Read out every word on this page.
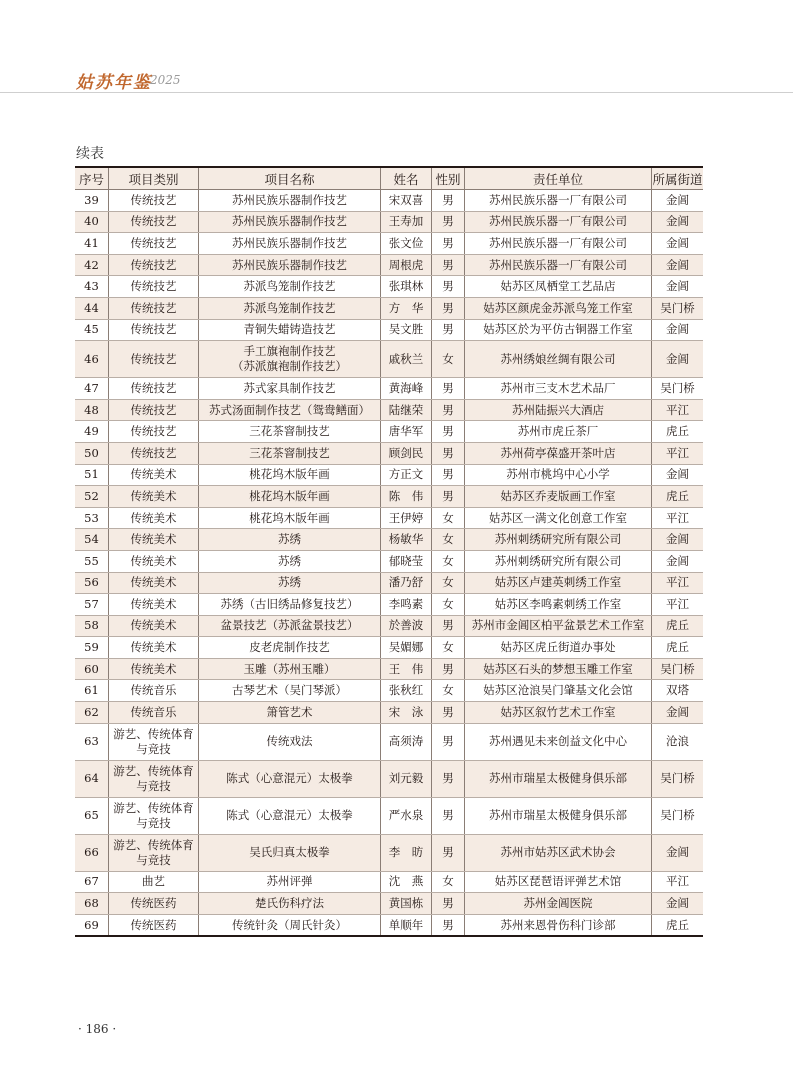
姑苏年鉴
2025
续表
序号	项目类别	项目名称	姓名	性别	责任单位	所属街道
39	传统技艺	苏州民族乐器制作技艺	宋双喜	男	苏州民族乐器一厂有限公司	金阊
40	传统技艺	苏州民族乐器制作技艺	王寿加	男	苏州民族乐器一厂有限公司	金阊
41	传统技艺	苏州民族乐器制作技艺	张文俭	男	苏州民族乐器一厂有限公司	金阊
42	传统技艺	苏州民族乐器制作技艺	周根虎	男	苏州民族乐器一厂有限公司	金阊
43	传统技艺	苏派鸟笼制作技艺	张琪林	男	姑苏区凤栖堂工艺品店	金阊
44	传统技艺	苏派鸟笼制作技艺	方　华	男	姑苏区颜虎金苏派鸟笼工作室	吴门桥
45	传统技艺	青铜失蜡铸造技艺	吴文胜	男	姑苏区於为平仿古铜器工作室	金阊
46	传统技艺	手工旗袍制作技艺
（苏派旗袍制作技艺）	戚秋兰	女	苏州绣娘丝绸有限公司	金阊
47	传统技艺	苏式家具制作技艺	黄海峰	男	苏州市三支木艺术品厂	吴门桥
48	传统技艺	苏式汤面制作技艺（鸳鸯鳝面）	陆继荣	男	苏州陆振兴大酒店	平江
49	传统技艺	三花茶窨制技艺	唐华军	男	苏州市虎丘茶厂	虎丘
50	传统技艺	三花茶窨制技艺	顾剑民	男	苏州荷亭葆盛开茶叶店	平江
51	传统美术	桃花坞木版年画	方正文	男	苏州市桃坞中心小学	金阊
52	传统美术	桃花坞木版年画	陈　伟	男	姑苏区乔麦版画工作室	虎丘
53	传统美术	桃花坞木版年画	王伊婷	女	姑苏区一满文化创意工作室	平江
54	传统美术	苏绣	杨敏华	女	苏州刺绣研究所有限公司	金阊
55	传统美术	苏绣	郁晓莹	女	苏州刺绣研究所有限公司	金阊
56	传统美术	苏绣	潘乃舒	女	姑苏区卢建英刺绣工作室	平江
57	传统美术	苏绣（古旧绣品修复技艺）	李鸣素	女	姑苏区李鸣素刺绣工作室	平江
58	传统美术	盆景技艺（苏派盆景技艺）	於善波	男	苏州市金阊区柏平盆景艺术工作室	虎丘
59	传统美术	皮老虎制作技艺	吴媚娜	女	姑苏区虎丘街道办事处	虎丘
60	传统美术	玉雕（苏州玉雕）	王　伟	男	姑苏区石头的梦想玉雕工作室	吴门桥
61	传统音乐	古琴艺术（吴门琴派）	张秋红	女	姑苏区沧浪吴门肇基文化会馆	双塔
62	传统音乐	箫管艺术	宋　泳	男	姑苏区叙竹艺术工作室	金阊
63	游艺、传统体育
与竞技	传统戏法	高须涛	男	苏州遇见未来创益文化中心	沧浪
64	游艺、传统体育
与竞技	陈式（心意混元）太极拳	刘元毅	男	苏州市瑞星太极健身俱乐部	吴门桥
65	游艺、传统体育
与竞技	陈式（心意混元）太极拳	严水泉	男	苏州市瑞星太极健身俱乐部	吴门桥
66	游艺、传统体育
与竞技	吴氏归真太极拳	李　昉	男	苏州市姑苏区武术协会	金阊
67	曲艺	苏州评弹	沈　燕	女	姑苏区琵琶语评弹艺术馆	平江
68	传统医药	楚氏伤科疗法	黄国栋	男	苏州金阊医院	金阊
69	传统医药	传统针灸（周氏针灸）	单顺年	男	苏州来恩骨伤科门诊部	虎丘
· 186 ·
